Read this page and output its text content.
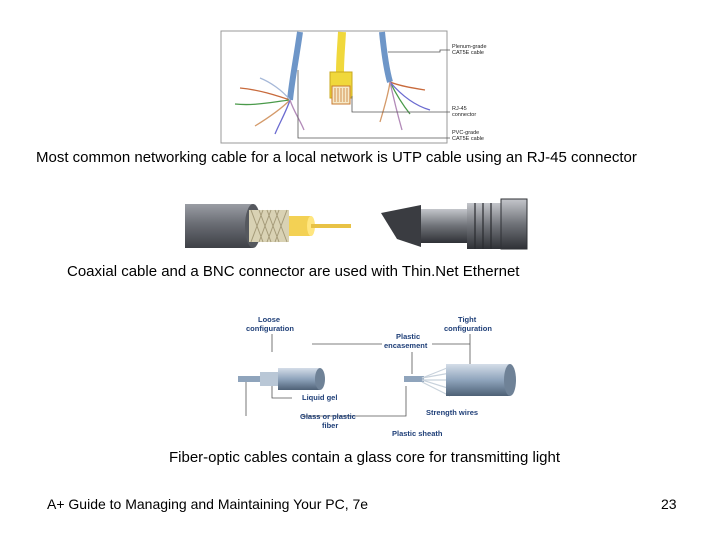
Plenum-grade
CAT5E cable
RJ-45
connector
PVC-grade
CAT5E cable
Most common networking cable for a local network is UTP cable using an RJ-45 connector
Coaxial cable and a BNC connector are used with Thin.Net Ethernet
Loose
configuration
Tight
configuration
Plastic
encasement
Liquid gel
Glass or plastic
fiber
Strength wires
Plastic sheath
Fiber-optic cables contain a glass core for transmitting light
A+ Guide to Managing and Maintaining Your PC, 7e	23
